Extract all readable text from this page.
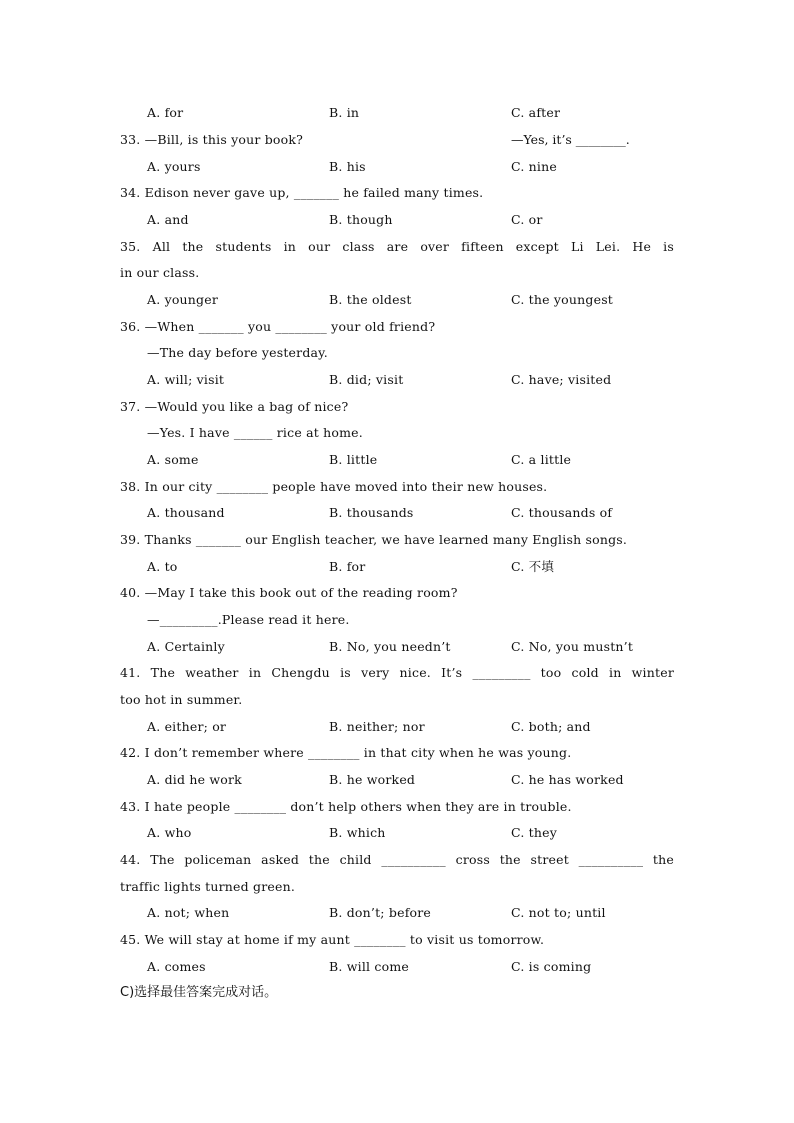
A. for	B. in	C. after
33. —Bill, is this your book?	—Yes, it’s ________.
A. yours	B. his	C. nine
34. Edison never gave up, _______ he failed many times.
A. and	B. though	C. or
35. All the students in our class are over fifteen except Li Lei. He is
in our class.
A. younger	B. the oldest	C. the youngest
36. —When _______ you ________ your old friend?
—The day before yesterday.
A. will; visit	B. did; visit	C. have; visited
37. —Would you like a bag of nice?
—Yes. I have ______ rice at home.
A. some	B. little	C. a little
38. In our city ________ people have moved into their new houses.
A. thousand	B. thousands	C. thousands of
39. Thanks _______ our English teacher, we have learned many English songs.
A. to	B. for	C. 不填
40. —May I take this book out of the reading room?
—_________.Please read it here.
A. Certainly	B. No, you needn’t	C. No, you mustn’t
41. The weather in Chengdu is very nice. It’s _________ too cold in winter
too hot in summer.
A. either; or	B. neither; nor	C. both; and
42. I don’t remember where ________ in that city when he was young.
A. did he work	B. he worked	C. he has worked
43. I hate people ________ don’t help others when they are in trouble.
A. who	B. which	C. they
44. The policeman asked the child __________ cross the street __________ the
traffic lights turned green.
A. not; when	B. don’t; before	C. not to; until
45. We will stay at home if my aunt ________ to visit us tomorrow.
A. comes	B. will come	C. is coming
C)选择最佳答案完成对话。
